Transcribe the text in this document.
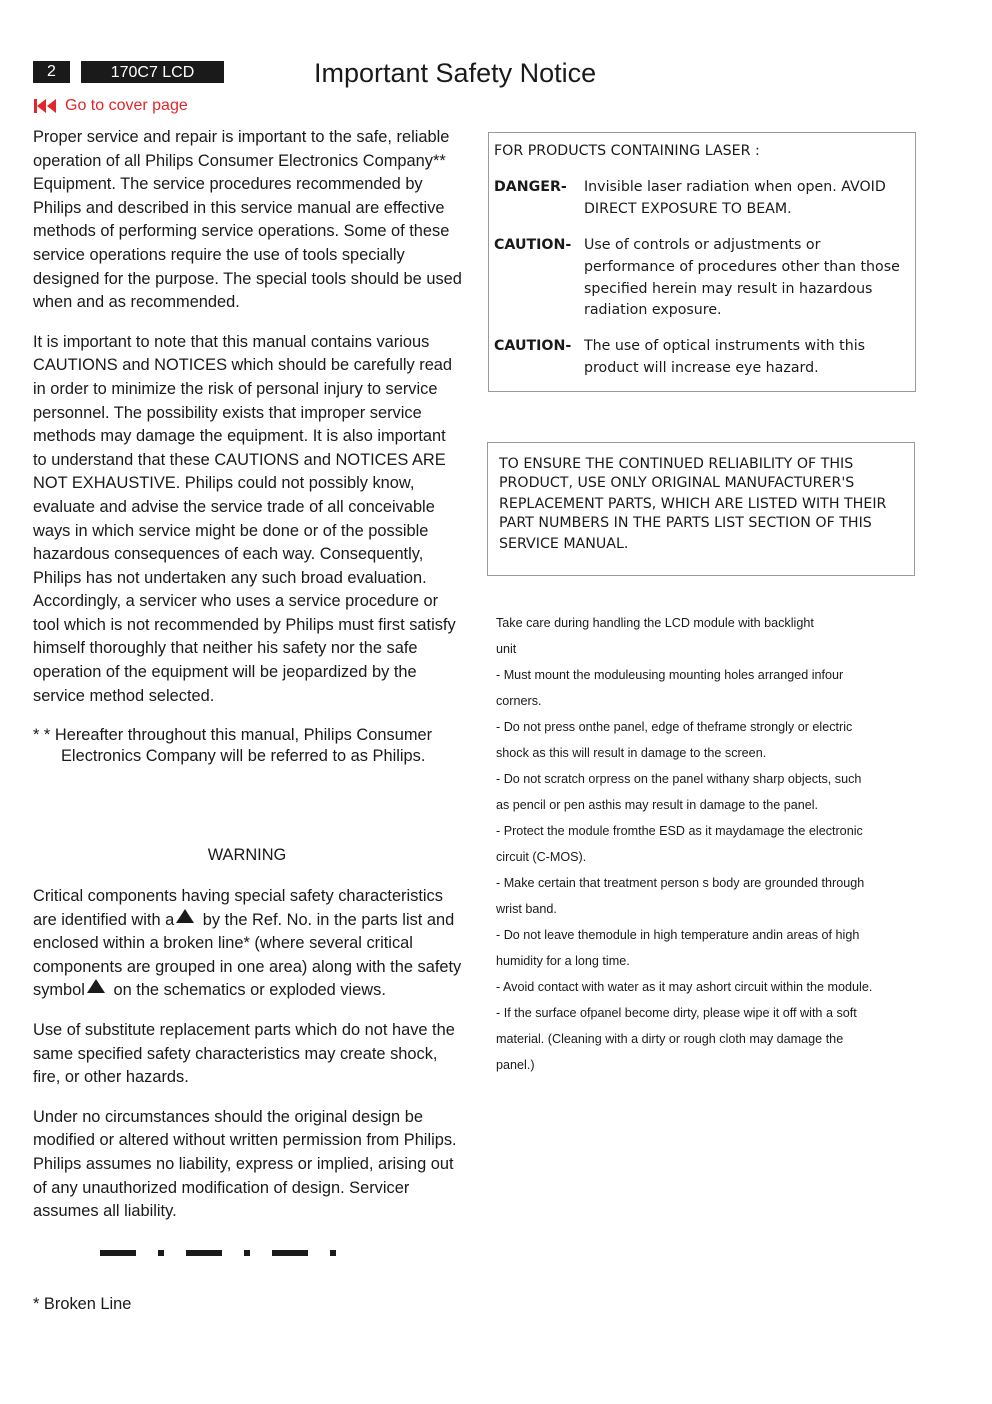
2	170C7 LCD	Important Safety Notice
Go to cover page

Proper service and repair is important to the safe, reliable operation of all Philips Consumer Electronics Company** Equipment. The service procedures recommended by Philips and described in this service manual are effective methods of performing service operations. Some of these service operations require the use of tools specially designed for the purpose. The special tools should be used when and as recommended.

It is important to note that this manual contains various CAUTIONS and NOTICES which should be carefully read in order to minimize the risk of personal injury to service personnel. The possibility exists that improper service methods may damage the equipment. It is also important to understand that these CAUTIONS and NOTICES ARE NOT EXHAUSTIVE. Philips could not possibly know, evaluate and advise the service trade of all conceivable ways in which service might be done or of the possible hazardous consequences of each way. Consequently, Philips has not undertaken any such broad evaluation. Accordingly, a servicer who uses a service procedure or tool which is not recommended by Philips must first satisfy himself thoroughly that neither his safety nor the safe operation of the equipment will be jeopardized by the service method selected.

* * Hereafter throughout this manual, Philips Consumer
Electronics Company will be referred to as Philips.

WARNING

Critical components having special safety characteristics are identified with a by the Ref. No. in the parts list and enclosed within a broken line* (where several critical components are grouped in one area) along with the safety symbol on the schematics or exploded views.

Use of substitute replacement parts which do not have the same specified safety characteristics may create shock, fire, or other hazards.

Under no circumstances should the original design be modified or altered without written permission from Philips. Philips assumes no liability, express or implied, arising out of any unauthorized modification of design. Servicer assumes all liability.

* Broken Line
FOR PRODUCTS CONTAINING LASER :
DANGER- Invisible laser radiation when open. AVOID DIRECT EXPOSURE TO BEAM.
CAUTION- Use of controls or adjustments or performance of procedures other than those specified herein may result in hazardous radiation exposure.
CAUTION- The use of optical instruments with this product will increase eye hazard.
TO ENSURE THE CONTINUED RELIABILITY OF THIS
PRODUCT, USE ONLY ORIGINAL MANUFACTURER'S
REPLACEMENT PARTS, WHICH ARE LISTED WITH THEIR
PART NUMBERS IN THE PARTS LIST SECTION OF THIS
SERVICE MANUAL.
Take care during handling the LCD module with backlight
unit
- Must mount the moduleusing mounting holes arranged infour
corners.
- Do not press onthe panel, edge of theframe strongly or electric
shock as this will result in damage to the screen.
- Do not scratch orpress on the panel withany sharp objects, such
as pencil or pen asthis may result in damage to the panel.
- Protect the module fromthe ESD as it maydamage the electronic
circuit (C-MOS).
- Make certain that treatment person s body are grounded through
wrist band.
- Do not leave themodule in high temperature andin areas of high
humidity for a long time.
- Avoid contact with water as it may ashort circuit within the module.
- If the surface ofpanel become dirty, please wipe it off with a soft
material. (Cleaning with a dirty or rough cloth may damage the
panel.)
